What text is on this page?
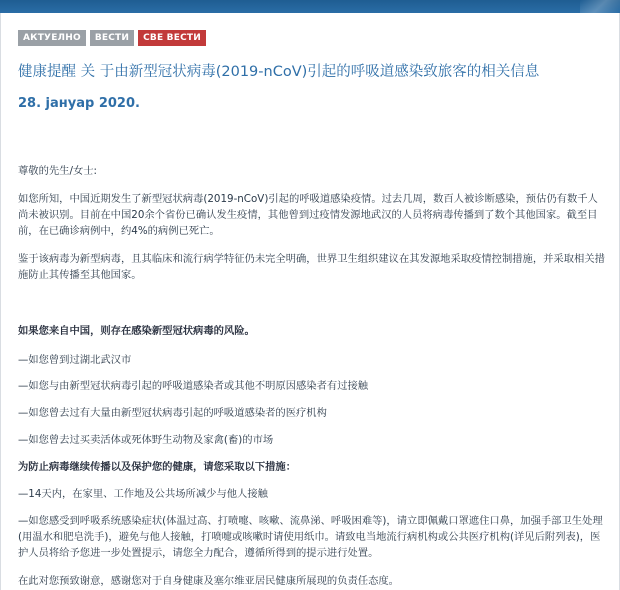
АКТУЕЛНО	ВЕСТИ	СВЕ ВЕСТИ
健康提醒 关 于由新型冠状病毒(2019-nCoV)引起的呼吸道感染致旅客的相关信息
28. јануар 2020.

尊敬的先生/女士:

如您所知，中国近期发生了新型冠状病毒(2019-nCoV)引起的呼吸道感染疫情。过去几周，数百人被诊断感染，预估仍有数千人尚未被识别。目前在中国20余个省份已确认发生疫情，其他曾到过疫情发源地武汉的人员将病毒传播到了数个其他国家。截至目前，在已确诊病例中，约4%的病例已死亡。

鉴于该病毒为新型病毒，且其临床和流行病学特征仍未完全明确，世界卫生组织建议在其发源地采取疫情控制措施，并采取相关措施防止其传播至其他国家。

如果您来自中国，则存在感染新型冠状病毒的风险。

—如您曾到过湖北武汉市

—如您与由新型冠状病毒引起的呼吸道感染者或其他不明原因感染者有过接触

—如您曾去过有大量由新型冠状病毒引起的呼吸道感染者的医疗机构

—如您曾去过买卖活体或死体野生动物及家禽(畜)的市场

为防止病毒继续传播以及保护您的健康，请您采取以下措施：

—14天内，在家里、工作地及公共场所减少与他人接触

—如您感受到呼吸系统感染症状(体温过高、打喷嚏、咳嗽、流鼻涕、呼吸困难等)，请立即佩戴口罩遮住口鼻，加强手部卫生处理(用温水和肥皂洗手)，避免与他人接触，打喷嚏或咳嗽时请使用纸巾。请致电当地流行病机构或公共医疗机构(详见后附列表)，医护人员将给予您进一步处置提示，请您全力配合，遵循所得到的提示进行处置。

在此对您预致谢意，感谢您对于自身健康及塞尔维亚居民健康所展现的负责任态度。
